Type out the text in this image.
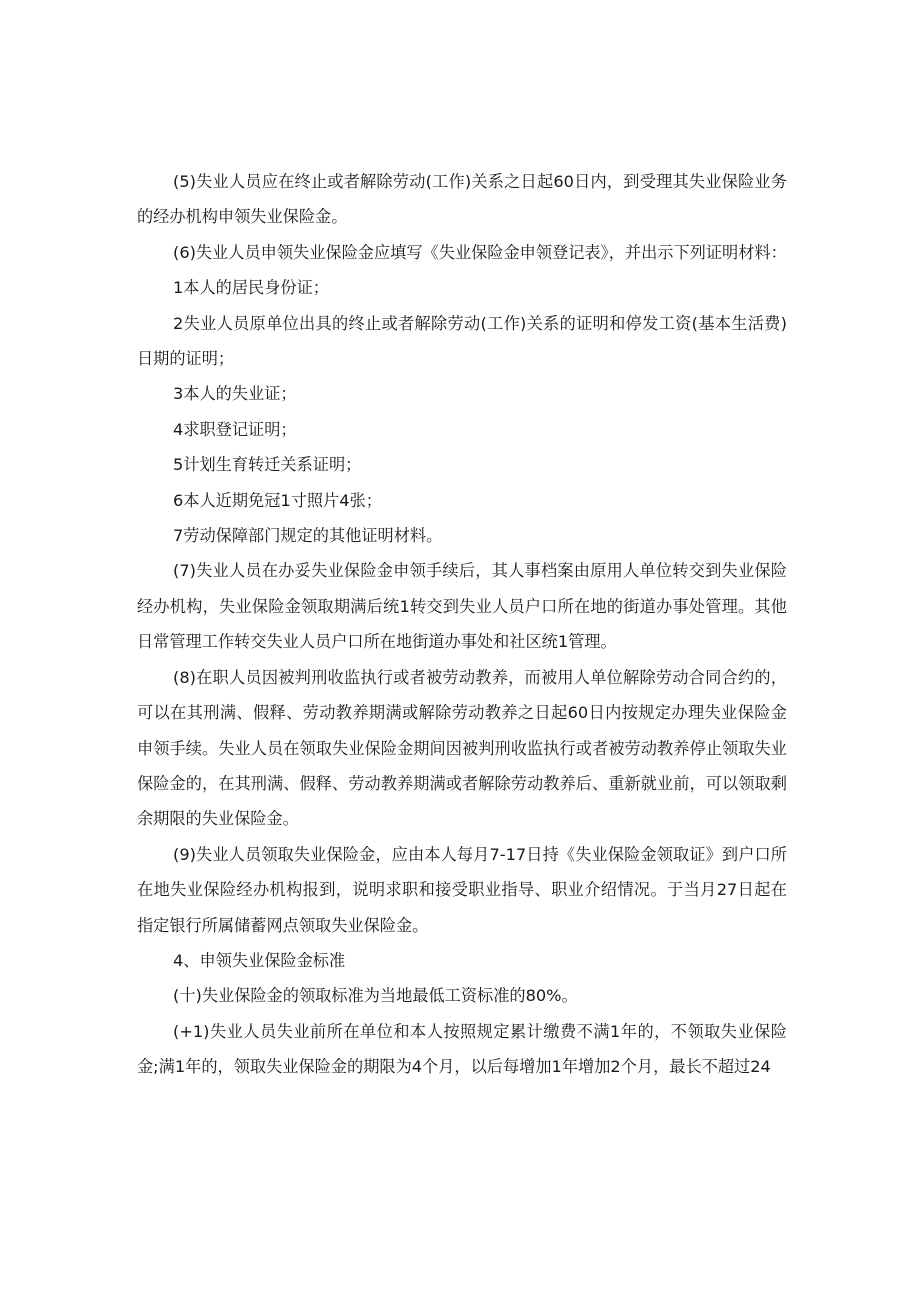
(5)失业人员应在终止或者解除劳动(工作)关系之日起60日内，到受理其失业保险业务的经办机构申领失业保险金。

(6)失业人员申领失业保险金应填写《失业保险金申领登记表》，并出示下列证明材料：

1本人的居民身份证；

2失业人员原单位出具的终止或者解除劳动(工作)关系的证明和停发工资(基本生活费)日期的证明；

3本人的失业证；

4求职登记证明；

5计划生育转迁关系证明；

6本人近期免冠1寸照片4张；

7劳动保障部门规定的其他证明材料。

(7)失业人员在办妥失业保险金申领手续后，其人事档案由原用人单位转交到失业保险经办机构，失业保险金领取期满后统1转交到失业人员户口所在地的街道办事处管理。其他日常管理工作转交失业人员户口所在地街道办事处和社区统1管理。

(8)在职人员因被判刑收监执行或者被劳动教养，而被用人单位解除劳动合同合约的，可以在其刑满、假释、劳动教养期满或解除劳动教养之日起60日内按规定办理失业保险金申领手续。失业人员在领取失业保险金期间因被判刑收监执行或者被劳动教养停止领取失业保险金的，在其刑满、假释、劳动教养期满或者解除劳动教养后、重新就业前，可以领取剩余期限的失业保险金。

(9)失业人员领取失业保险金，应由本人每月7-17日持《失业保险金领取证》到户口所在地失业保险经办机构报到，说明求职和接受职业指导、职业介绍情况。于当月27日起在指定银行所属储蓄网点领取失业保险金。

4、申领失业保险金标准

(十)失业保险金的领取标准为当地最低工资标准的80%。

(+1)失业人员失业前所在单位和本人按照规定累计缴费不满1年的，不领取失业保险金;满1年的，领取失业保险金的期限为4个月，以后每增加1年增加2个月，最长不超过24
